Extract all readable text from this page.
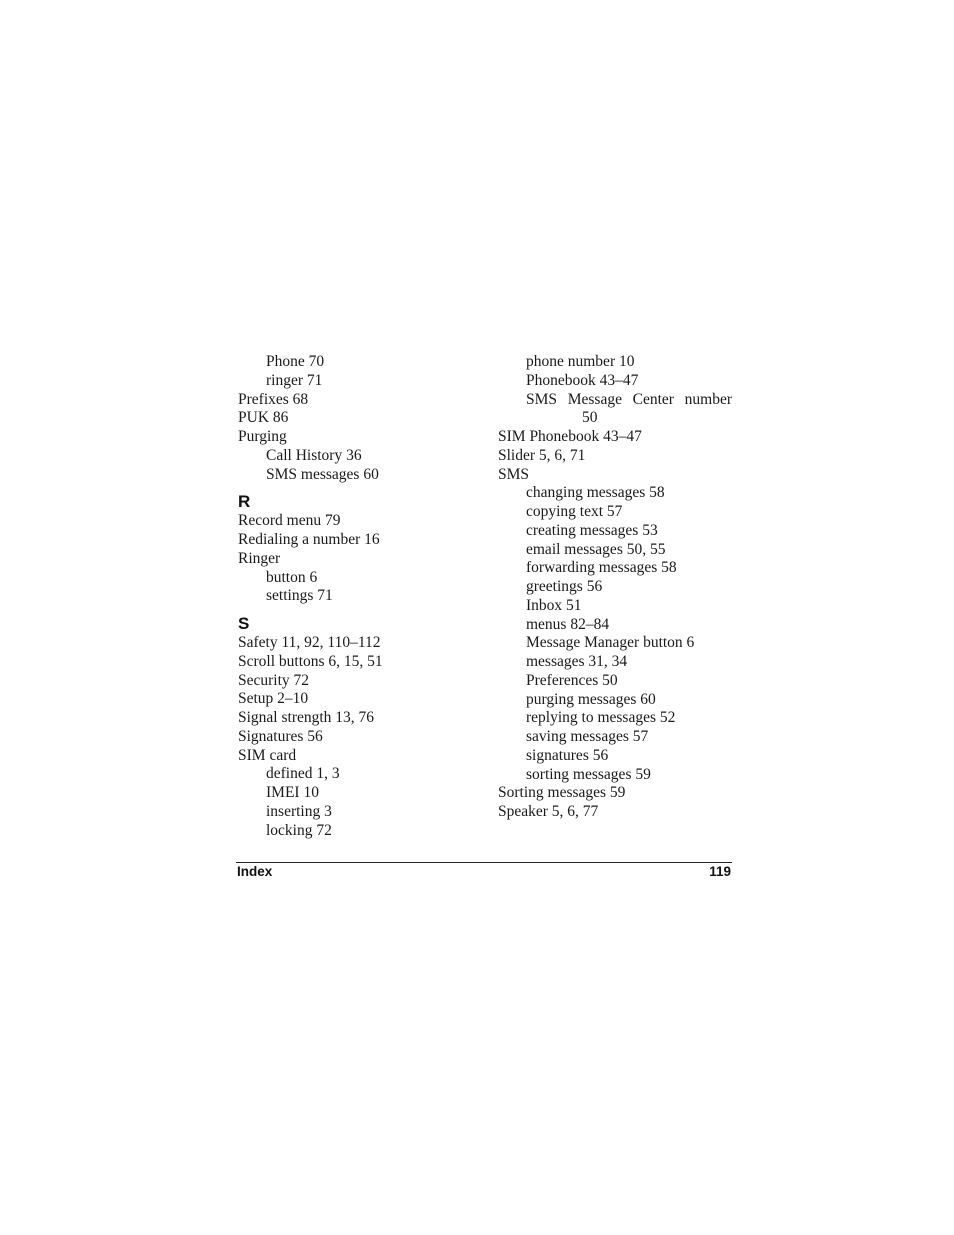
Phone 70
ringer 71
Prefixes 68
PUK 86
Purging
Call History 36
SMS messages 60
R
Record menu 79
Redialing a number 16
Ringer
button 6
settings 71
S
Safety 11, 92, 110–112
Scroll buttons 6, 15, 51
Security 72
Setup 2–10
Signal strength 13, 76
Signatures 56
SIM card
defined 1, 3
IMEI 10
inserting 3
locking 72
phone number 10
Phonebook 43–47
SMS Message Center number
50
SIM Phonebook 43–47
Slider 5, 6, 71
SMS
changing messages 58
copying text 57
creating messages 53
email messages 50, 55
forwarding messages 58
greetings 56
Inbox 51
menus 82–84
Message Manager button 6
messages 31, 34
Preferences 50
purging messages 60
replying to messages 52
saving messages 57
signatures 56
sorting messages 59
Sorting messages 59
Speaker 5, 6, 77
Index	119
